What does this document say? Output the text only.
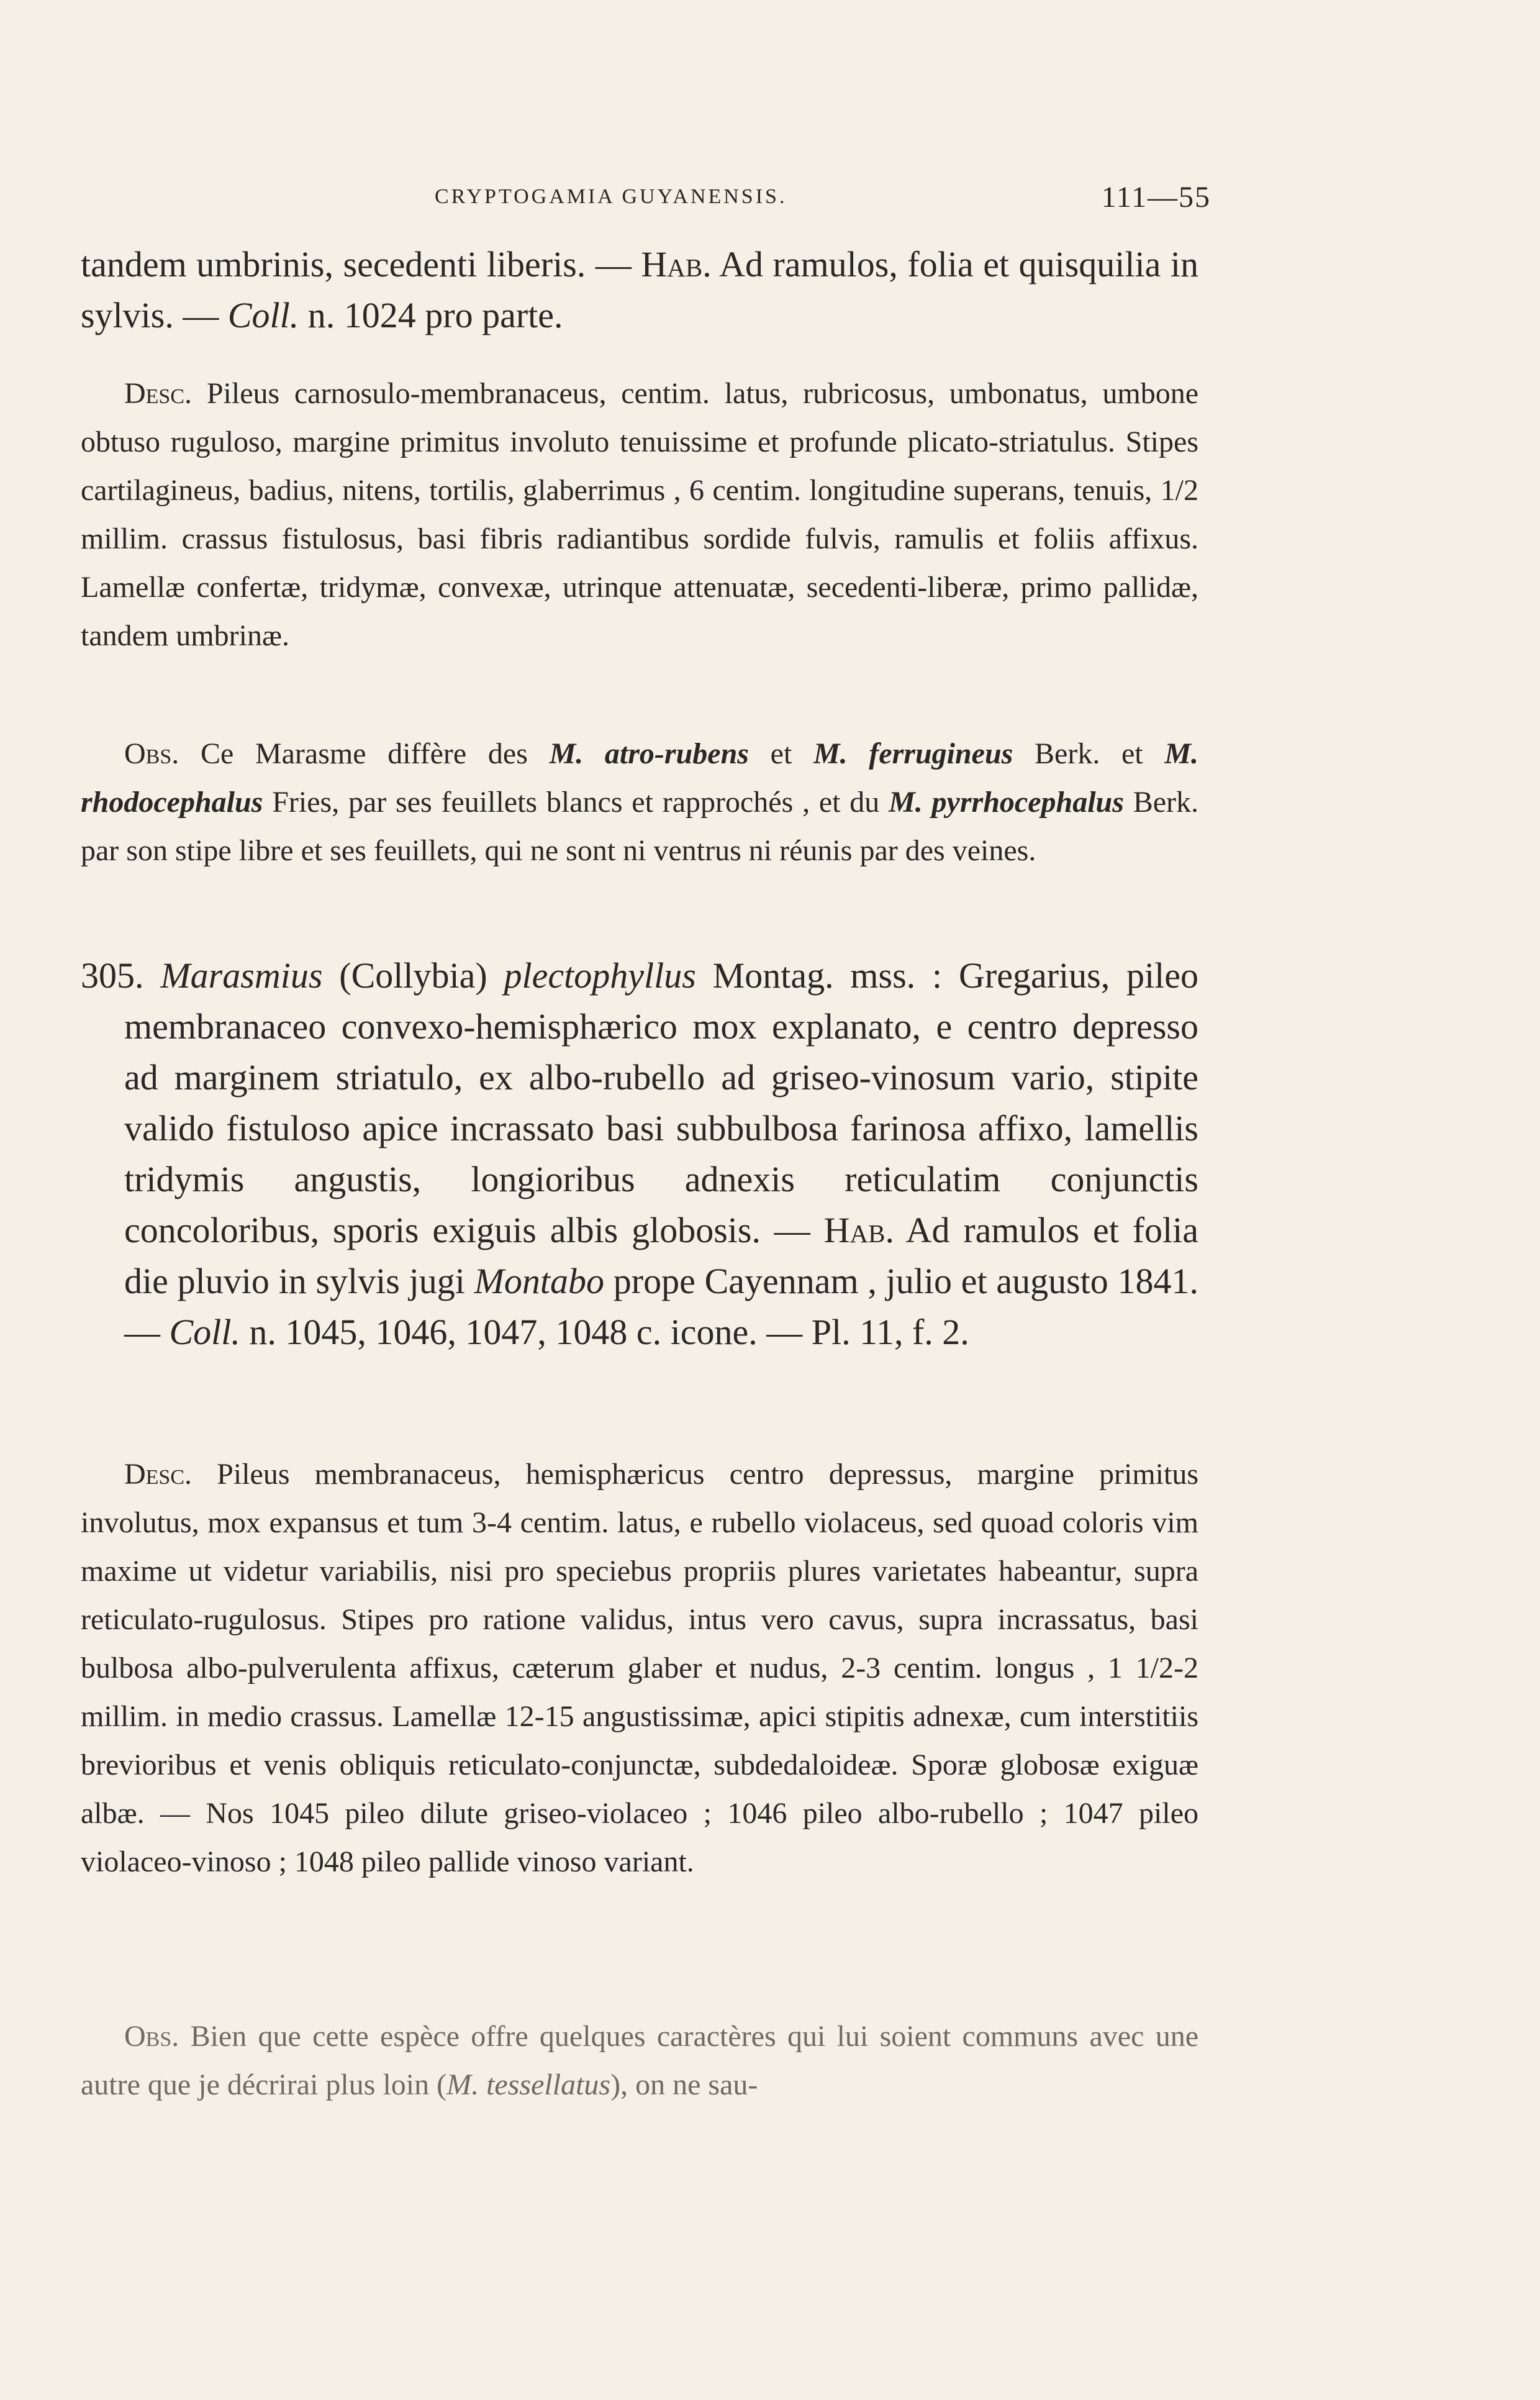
CRYPTOGAMIA GUYANENSIS.	111—55

tandem umbrinis, secedenti liberis. — Hab. Ad ramulos, folia et quisquilia in sylvis. — Coll. n. 1024 pro parte.

Desc. Pileus carnosulo-membranaceus, centim. latus, rubricosus, umbonatus, umbone obtuso ruguloso, margine primitus involuto tenuissime et profunde plicato-striatulus. Stipes cartilagineus, badius, nitens, tortilis, glaberrimus , 6 centim. longitudine superans, tenuis, 1/2 millim. crassus fistulosus, basi fibris radiantibus sordide fulvis, ramulis et foliis affixus. Lamellæ confertæ, tridymæ, convexæ, utrinque attenuatæ, secedenti-liberæ, primo pallidæ, tandem umbrinæ.

Obs. Ce Marasme diffère des M. atro-rubens et M. ferrugineus Berk. et M. rhodocephalus Fries, par ses feuillets blancs et rapprochés , et du M. pyrrhocephalus Berk. par son stipe libre et ses feuillets, qui ne sont ni ventrus ni réunis par des veines.

305. Marasmius (Collybia) plectophyllus Montag. mss. : Gregarius, pileo membranaceo convexo-hemisphærico mox explanato, e centro depresso ad marginem striatulo, ex albo-rubello ad griseo-vinosum vario, stipite valido fistuloso apice incrassato basi subbulbosa farinosa affixo, lamellis tridymis angustis, longioribus adnexis reticulatim conjunctis concoloribus, sporis exiguis albis globosis. — Hab. Ad ramulos et folia die pluvio in sylvis jugi Montabo prope Cayennam , julio et augusto 1841. — Coll. n. 1045, 1046, 1047, 1048 c. icone. — Pl. 11, f. 2.

Desc. Pileus membranaceus, hemisphæricus centro depressus, margine primitus involutus, mox expansus et tum 3-4 centim. latus, e rubello violaceus, sed quoad coloris vim maxime ut videtur variabilis, nisi pro speciebus propriis plures varietates habeantur, supra reticulato-rugulosus. Stipes pro ratione validus, intus vero cavus, supra incrassatus, basi bulbosa albo-pulverulenta affixus, cæterum glaber et nudus, 2-3 centim. longus , 1 1/2-2 millim. in medio crassus. Lamellæ 12-15 angustissimæ, apici stipitis adnexæ, cum interstitiis brevioribus et venis obliquis reticulato-conjunctæ, subdedaloideæ. Sporæ globosæ exiguæ albæ. — Nos 1045 pileo dilute griseo-violaceo ; 1046 pileo albo-rubello ; 1047 pileo violaceo-vinoso ; 1048 pileo pallide vinoso variant.

Obs. Bien que cette espèce offre quelques caractères qui lui soient communs avec une autre que je décrirai plus loin (M. tessellatus), on ne sau-
